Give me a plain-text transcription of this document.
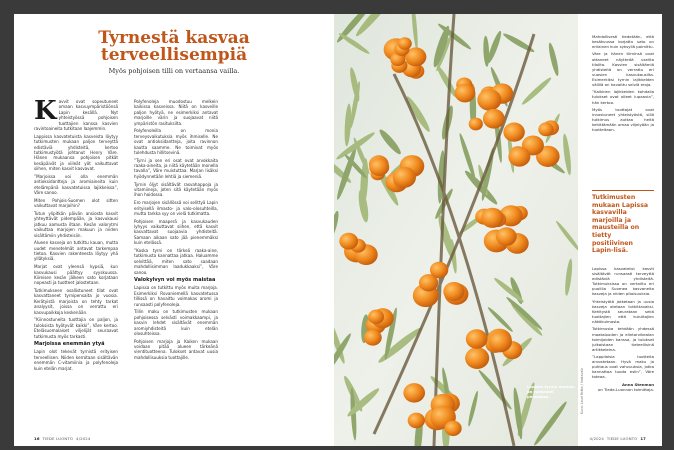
Tyrnestä kasvaa terveellisempiä
Myös pohjoisen tilli on vertaansa vailla.

Kavvit ovat sopeutuneet omaan kasvuympäristöönsä Lapin kesällä. Nyt yhteistyössä pohjoisen tuottajien kanssa kasvien ravintoaineita tutkitaan laajemmin.

Lappissa kasvatetuista kasveista löytyy tutkimusten mukaan paljon terveyttä edistäviä yhdisteitä, kertoo tutkimustyötä johtanut Henry Väre. Hänen mukaansa pohjoisen pitkät kesäpäivät ja viileät yöt vaikuttavat siihen, miten kasvit kasvavat.

”Marjoissa voi olla enemmän antioksidantteja ja aromiaineita kuin etelämpänä kasvatetuissa lajikkeissa”, Väre sanoo.

Miten Pohjois-Suomen olot sitten vaikuttavat marjoihin?

Tutun ylipitkän päivän ansiosta kasvit yhteyttävät pidempään, ja kasvukausi jatkuu aamusta iltaan. Kesän valorytmi vaikuttaa marjojen makuun ja niiden sisältämiin yhdisteisiin.

Alueen kasveja on tutkittu kauan, mutta uudet menetelmät antavat tarkempaa tietoa. Kasvien rakenteesta löytyy yhä yllätyksiä.

Marjat ovat yleensä kypsiä, kun kasvukausi päättyy syyskuussa. Kiireisen kesän jälkeen sato korjataan nopeasti ja tuotteet jalostetaan.

Tutkimukseen osallistuneet tilat ovat kasvattaneet tyrnipensaita jo vuosia. Kerätyistä marjoista on tehty tarkat analyysit, joissa on verrattu eri kasvupaikkoja keskenään.

”Kiinnostuneita tuottajia on paljon, ja tuloksista hyötyvät kaikki”, Väre kertoo. Eteläsuomalaiset viljelijät seuraavat tutkimusta myös tarkasti.

Marjoissa enemmän ytyä

Lapin olot tekevät tyrnistä erityisen terveellisen. Niiden kerrotaan sisältävän enemmän C-vitamiinia ja polyfenoleja kuin etelän marjat.

Polyfenoleja muodostuu melkein kaikissa kasveissa. Niitä on kasveille paljon hyötyä, ne esimerkiksi antavat marjoille värin ja suojaavat niitä ympäristön rasituksilta.

Polyfenoleilla on monia terveysvaikutuksia myös ihmiselle. Ne ovat antioksidantteja, joita ravinnon kautta saamme. Ne toimivat myös tulehdusta hillitsevinä.

”Tyrni ja sen eri osat ovat arvokkaita raaka-aineita, ja niitä käytetään monella tavalla”, Väre muistuttaa. Marjan lisäksi hyödynnetään lehtiä ja siemeniä.

Tyrnin öljyt sisältävät rasvahappoja ja vitamiineja, joten sitä käytetään myös ihon hoidossa.

Ero marjojen sisällössä voi selittyä Lapin erityisellä ilmasto- ja valo-olosuhteilla, mutta tarkka syy on vielä tutkimatta.

Pohjoisen maaperä ja kasvukauden lyhyys vaikuttavat siihen, että kasvit kasvattavat suojaavia yhdisteitä. Samaan aikaan sato jää pienemmäksi kuin etelässä.

”Koska tyrni on tärkeä raaka-aine, tutkimusta kannattaa jatkaa. Haluamme selvittää, miten sato saadaan mahdollisimman laadukkaaksi”, Väre sanoo.

Valokylvyn voi myös maistaa

Lapissa on tutkittu myös muita marjoja. Esimerkiksi Rovaniemellä kasvatetussa tillissä on havaittu voimakas aromi ja runsaasti polyfenoleja.

Tillin maku on tutkimusten mukaan pohjoisessa selvästi voimakkaampi, ja kasvin lehdet sisältävät enemmän aromiyhdisteitä kuin etelän olosuhteissa.

Pohjoisen marjoja ja Kaiken mukaan voidaan pitää alueen tärkeänä vientituotteena. Tulokset antavat uusia mahdollisuuksia tuottajille.

16 TIEDE LUONTO 4/2024
Lapissa tyrnin marjoja on runsaasti pensaissa.	Kuva: Lauri Rotko / Vastavalo

Mahdollisesti tiedetään, että kesäkuussa korjattu sato on erilainen kuin syksyllä poimittu.

Väre ja hänen tiiminsä ovat ottaneet näytteitä useilta tiloilta. Kasvien sisältämiä yhdisteitä on verrattu eri vuosien kasvukausilta. Esimerkiksi tyrnin lajikkeiden välillä on havaittu selviä eroja.

”Kaikkien lajikkeiden kohdalla tulokset ovat olleet lupaavia”, hän kertoo.

Myös tuottajat ovat innostuneet yhteistyöstä, sillä tutkimus auttaa heitä kehittämään omaa viljelyään ja tuotteitaan.

Tutkimusten mukaan Lapissa kasvavilla marjoilla ja mausteilla on tietty positiivinen Lapin-lisä.

Lapissa kasvatetut kasvit sisältävät runsaasti terveyttä edistäviä yhdisteitä. Tutkimuksissa on vertailtu eri puolilla Suomea kasvaneita kasveja ja niiden pitoisuuksia.

Yhteistyötä jatketaan ja uusia kasveja otetaan tutkittavaksi. Kehitystä seurataan sekä tuottajien että kuluttajien näkökulmasta.

Tutkimusta tehdään yhdessä maatalouden ja elintarvikealan toimijoiden kanssa, ja tulokset julkaistaan tieteellisinä artikkeleina.

”Lappilaisia tuotteita arvostetaan. Hyvä maku ja puhtaus ovat vahvuuksia, jotka kannattaa tuoda esiin”, Väre toteaa.

Anna Stenman
on Tiede-Luonnon toimittaja.
4/2024 TIEDE LUONTO 17
